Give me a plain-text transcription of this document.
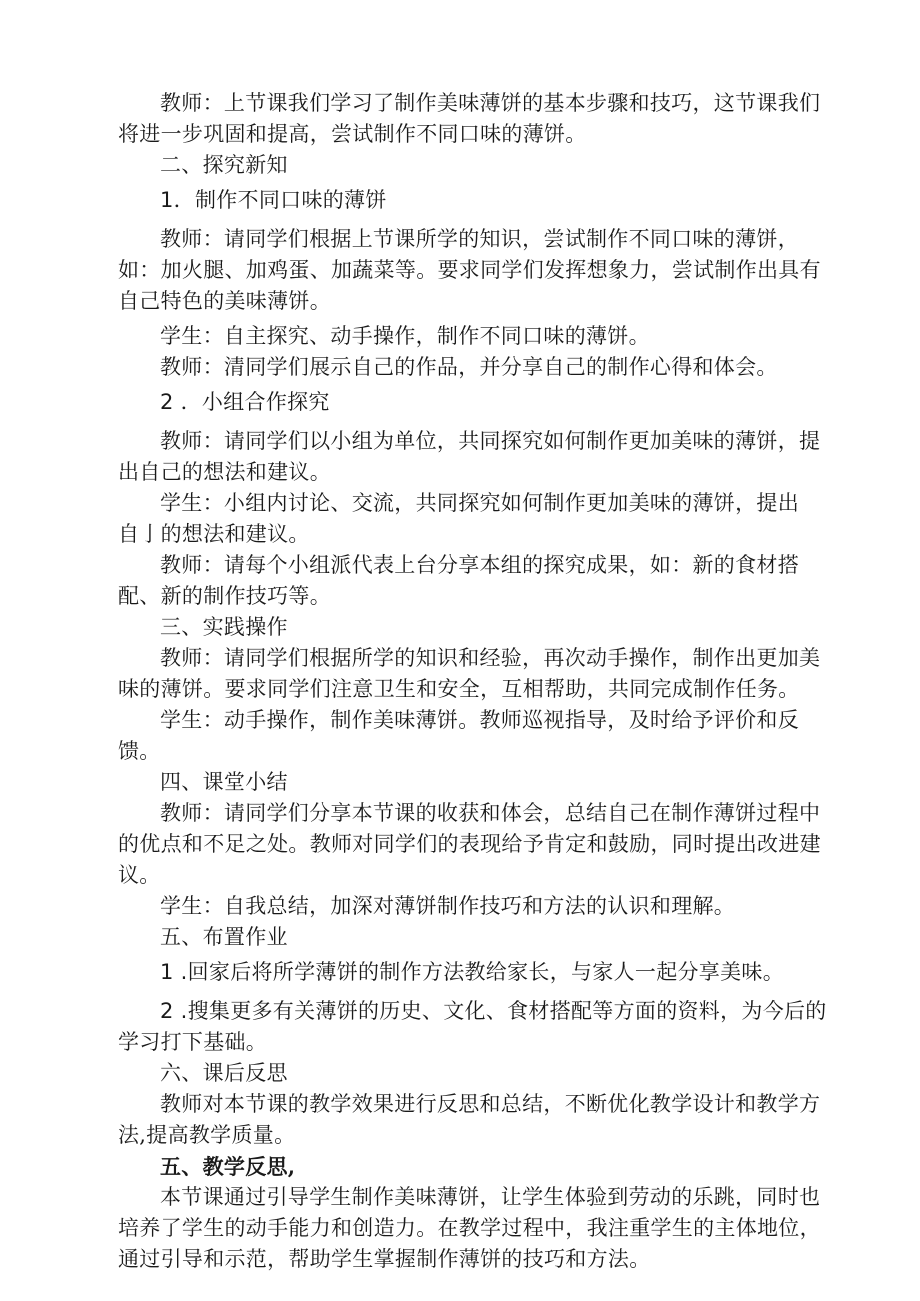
教师：上节课我们学习了制作美味薄饼的基本步骤和技巧，这节课我们
将进一步巩固和提高，尝试制作不同口味的薄饼。
二、探究新知
1．制作不同口味的薄饼
教师：请同学们根据上节课所学的知识，尝试制作不同口味的薄饼，
如：加火腿、加鸡蛋、加蔬菜等。要求同学们发挥想象力，尝试制作出具有
自己特色的美味薄饼。
学生：自主探究、动手操作，制作不同口味的薄饼。
教师：清同学们展示自己的作品，并分享自己的制作心得和体会。
2 ．小组合作探究
教师：请同学们以小组为单位，共同探究如何制作更加美味的薄饼，提
出自己的想法和建议。
学生：小组内讨论、交流，共同探究如何制作更加美味的薄饼，提出
自亅的想法和建议。
教师：请每个小组派代表上台分享本组的探究成果，如：新的食材搭
配、新的制作技巧等。
三、实践操作
教师：请同学们根据所学的知识和经验，再次动手操作，制作出更加美
味的薄饼。要求同学们注意卫生和安全，互相帮助，共同完成制作任务。
学生：动手操作，制作美味薄饼。教师巡视指导，及时给予评价和反
馈。
四、课堂小结
教师：请同学们分享本节课的收获和体会，总结自己在制作薄饼过程中
的优点和不足之处。教师对同学们的表现给予肯定和鼓励，同时提出改进建
议。
学生：自我总结，加深对薄饼制作技巧和方法的认识和理解。
五、布置作业
1 .回家后将所学薄饼的制作方法教给家长，与家人一起分享美味。
2 .搜集更多有关薄饼的历史、文化、食材搭配等方面的资料，为今后的
学习打下基础。
六、课后反思
教师对本节课的教学效果进行反思和总结，不断优化教学设计和教学方
法,提高教学质量。
五、教学反思,
本节课通过引导学生制作美味薄饼，让学生体验到劳动的乐跳，同时也
培养了学生的动手能力和创造力。在教学过程中，我注重学生的主体地位，
通过引导和示范，帮助学生掌握制作薄饼的技巧和方法。
